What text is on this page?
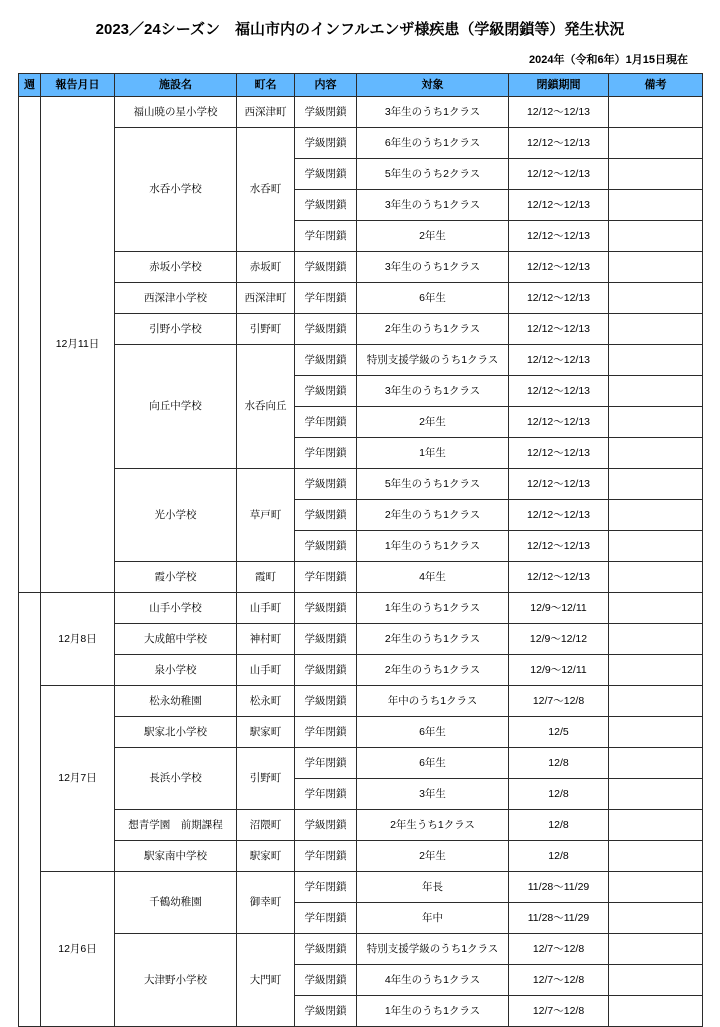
2023／24シーズン　福山市内のインフルエンザ様疾患（学級閉鎖等）発生状況
2024年（令和6年）1月15日現在
週	報告月日	施設名	町名	内容	対象	閉鎖期間	備考
	12月11日	福山暁の星小学校	西深津町	学級閉鎖	3年生のうち1クラス	12/12〜12/13	
		水呑小学校	水呑町	学級閉鎖	6年生のうち1クラス	12/12〜12/13	
				学級閉鎖	5年生のうち2クラス	12/12〜12/13	
				学級閉鎖	3年生のうち1クラス	12/12〜12/13	
				学年閉鎖	2年生	12/12〜12/13	
		赤坂小学校	赤坂町	学級閉鎖	3年生のうち1クラス	12/12〜12/13	
		西深津小学校	西深津町	学年閉鎖	6年生	12/12〜12/13	
		引野小学校	引野町	学級閉鎖	2年生のうち1クラス	12/12〜12/13	
		向丘中学校	水呑向丘	学級閉鎖	特別支援学級のうち1クラス	12/12〜12/13	
				学級閉鎖	3年生のうち1クラス	12/12〜12/13	
				学年閉鎖	2年生	12/12〜12/13	
				学年閉鎖	1年生	12/12〜12/13	
		光小学校	草戸町	学級閉鎖	5年生のうち1クラス	12/12〜12/13	
				学級閉鎖	2年生のうち1クラス	12/12〜12/13	
				学級閉鎖	1年生のうち1クラス	12/12〜12/13	
		霞小学校	霞町	学年閉鎖	4年生	12/12〜12/13	
	12月8日	山手小学校	山手町	学級閉鎖	1年生のうち1クラス	12/9〜12/11	
		大成館中学校	神村町	学級閉鎖	2年生のうち1クラス	12/9〜12/12	
		泉小学校	山手町	学級閉鎖	2年生のうち1クラス	12/9〜12/11	
	12月7日	松永幼稚園	松永町	学級閉鎖	年中のうち1クラス	12/7〜12/8	
		駅家北小学校	駅家町	学年閉鎖	6年生	12/5	
		長浜小学校	引野町	学年閉鎖	6年生	12/8	
				学年閉鎖	3年生	12/8	
		想青学園　前期課程	沼隈町	学級閉鎖	2年生うち1クラス	12/8	
		駅家南中学校	駅家町	学年閉鎖	2年生	12/8	
	12月6日	千鶴幼稚園	御幸町	学年閉鎖	年長	11/28〜11/29	
				学年閉鎖	年中	11/28〜11/29	
		大津野小学校	大門町	学級閉鎖	特別支援学級のうち1クラス	12/7〜12/8	
				学級閉鎖	4年生のうち1クラス	12/7〜12/8	
				学級閉鎖	1年生のうち1クラス	12/7〜12/8	
